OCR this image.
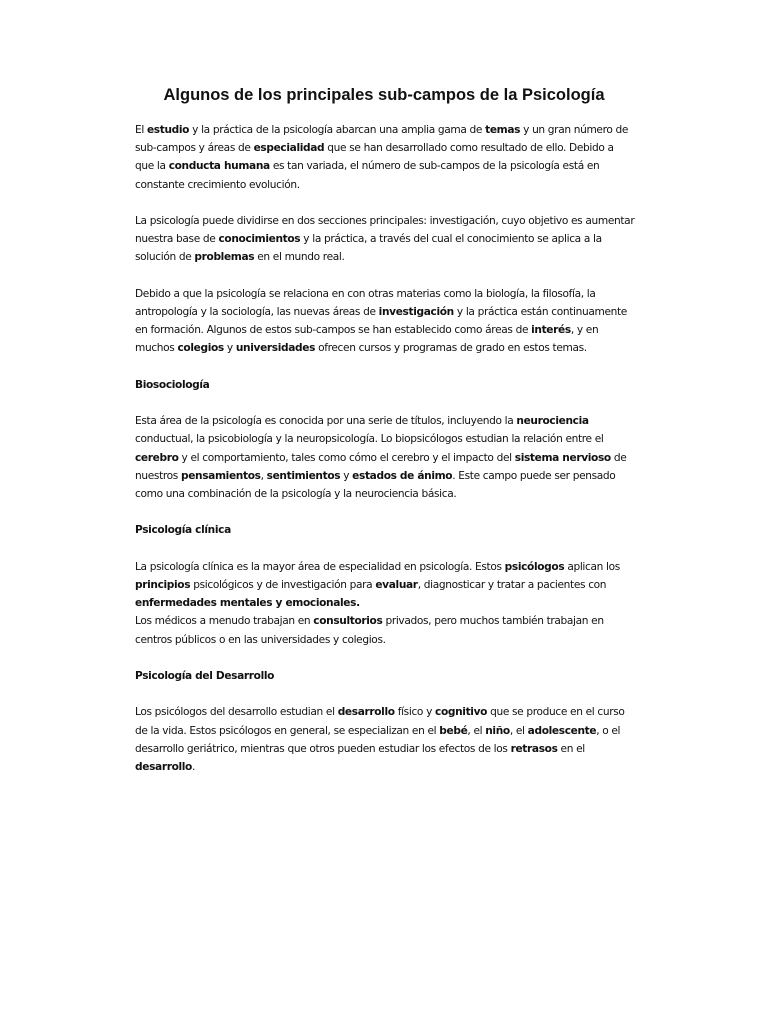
Algunos de los principales sub-campos de la Psicología

El estudio y la práctica de la psicología abarcan una amplia gama de temas y un gran número de sub-campos y áreas de especialidad que se han desarrollado como resultado de ello. Debido a que la conducta humana es tan variada, el número de sub-campos de la psicología está en constante crecimiento evolución.

La psicología puede dividirse en dos secciones principales: investigación, cuyo objetivo es aumentar nuestra base de conocimientos y la práctica, a través del cual el conocimiento se aplica a la solución de problemas en el mundo real.

Debido a que la psicología se relaciona en con otras materias como la biología, la filosofía, la antropología y la sociología, las nuevas áreas de investigación y la práctica están continuamente en formación. Algunos de estos sub-campos se han establecido como áreas de interés, y en muchos colegios y universidades ofrecen cursos y programas de grado en estos temas.

Biosociología

Esta área de la psicología es conocida por una serie de títulos, incluyendo la neurociencia conductual, la psicobiología y la neuropsicología. Lo biopsicólogos estudian la relación entre el cerebro y el comportamiento, tales como cómo el cerebro y el impacto del sistema nervioso de nuestros pensamientos, sentimientos y estados de ánimo. Este campo puede ser pensado como una combinación de la psicología y la neurociencia básica.

Psicología clínica

La psicología clínica es la mayor área de especialidad en psicología. Estos psicólogos aplican los principios psicológicos y de investigación para evaluar, diagnosticar y tratar a pacientes con enfermedades mentales y emocionales.
Los médicos a menudo trabajan en consultorios privados, pero muchos también trabajan en centros públicos o en las universidades y colegios.

Psicología del Desarrollo

Los psicólogos del desarrollo estudian el desarrollo físico y cognitivo que se produce en el curso de la vida. Estos psicólogos en general, se especializan en el bebé, el niño, el adolescente, o el desarrollo geriátrico, mientras que otros pueden estudiar los efectos de los retrasos en el desarrollo.
